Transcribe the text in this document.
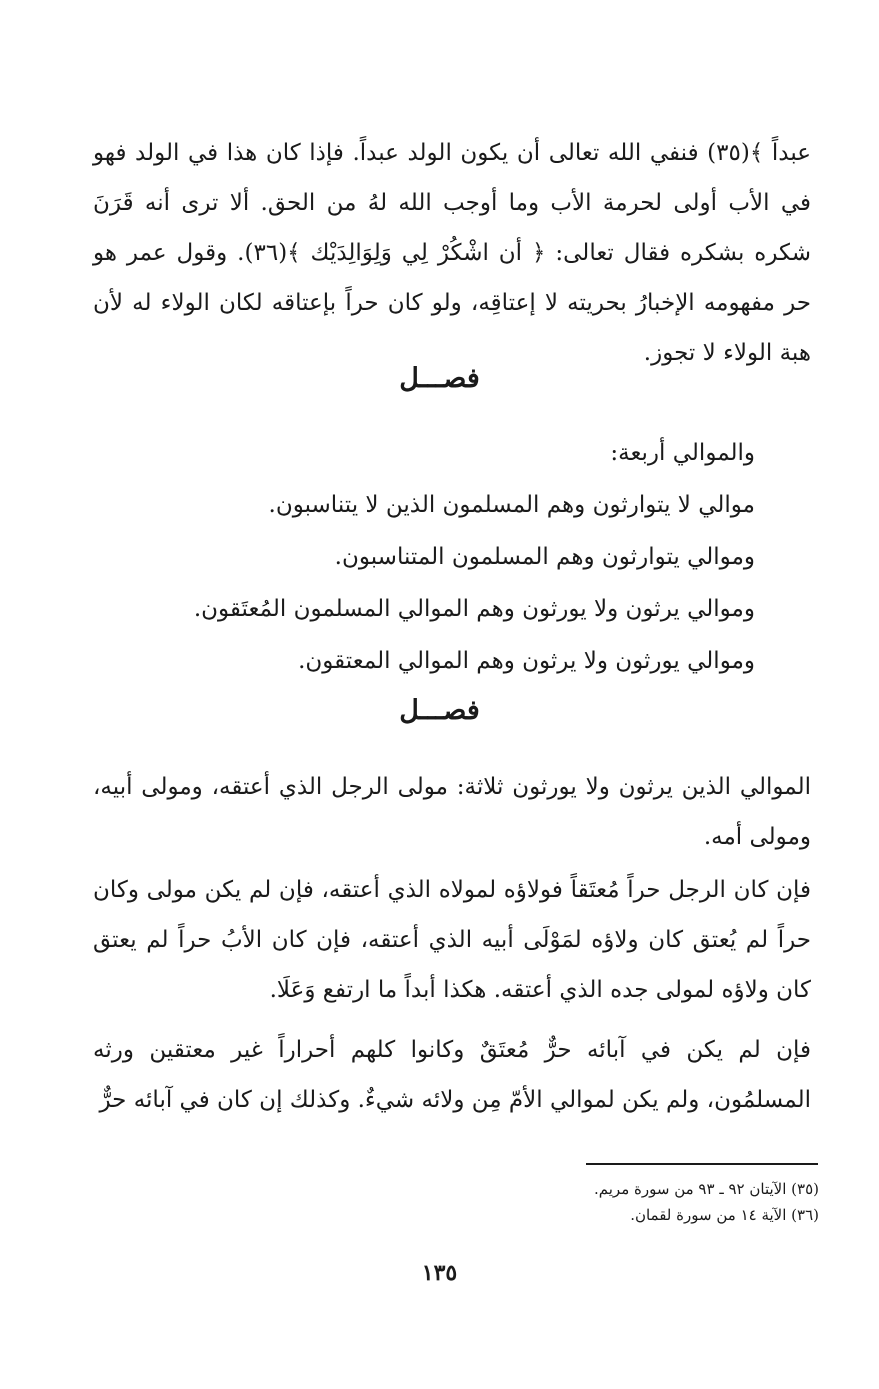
عبداً ﴾(٣٥) فنفي الله تعالى أن يكون الولد عبداً. فإذا كان هذا في الولد فهو في الأب أولى لحرمة الأب وما أوجب الله لهُ من الحق. ألا ترى أنه قَرَنَ شكره بشكره فقال تعالى: ﴿ أن اشْكُرْ لِي وَلِوَالِدَيْك ﴾(٣٦). وقول عمر هو حر مفهومه الإخبارُ بحريته لا إعتاقِه، ولو كان حراً بإعتاقه لكان الولاء له لأن هبة الولاء لا تجوز.
فصـــل
والموالي أربعة:
موالي لا يتوارثون وهم المسلمون الذين لا يتناسبون.
وموالي يتوارثون وهم المسلمون المتناسبون.
وموالي يرثون ولا يورثون وهم الموالي المسلمون المُعتَقون.
وموالي يورثون ولا يرثون وهم الموالي المعتقون.
فصـــل
الموالي الذين يرثون ولا يورثون ثلاثة: مولى الرجل الذي أعتقه، ومولى أبيه، ومولى أمه.
فإن كان الرجل حراً مُعتَقاً فولاؤه لمولاه الذي أعتقه، فإن لم يكن مولى وكان حراً لم يُعتق كان ولاؤه لمَوْلَى أبيه الذي أعتقه، فإن كان الأبُ حراً لم يعتق كان ولاؤه لمولى جده الذي أعتقه. هكذا أبداً ما ارتفع وَعَلَا.
فإن لم يكن في آبائه حرٌّ مُعتَقٌ وكانوا كلهم أحراراً غير معتقين ورثه المسلمُون، ولم يكن لموالي الأمّ مِن ولائه شيءٌ. وكذلك إن كان في آبائه حرٌّ
(٣٥) الآيتان ٩٢ ـ ٩٣ من سورة مريم.
(٣٦) الآية ١٤ من سورة لقمان.
١٣٥
